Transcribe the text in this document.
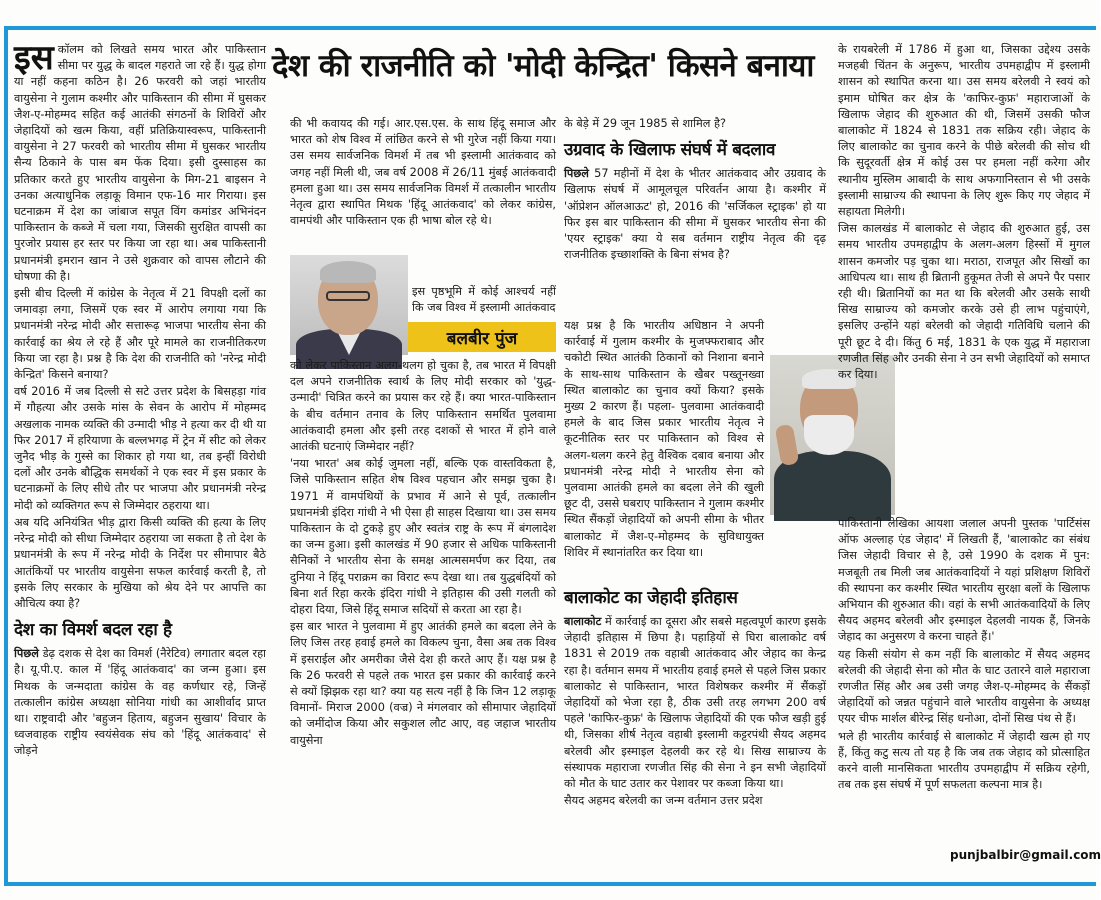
इस कॉलम को लिखते समय भारत और पाकिस्तान सीमा पर युद्ध के बादल गहराते जा रहे हैं। युद्ध होगा या नहीं कहना कठिन है। 26 फरवरी को जहां भारतीय वायुसेना ने गुलाम कश्मीर और पाकिस्तान की सीमा में घुसकर जैश-ए-मोहम्मद सहित कई आतंकी संगठनों के शिविरों और जेहादियों को खत्म किया, वहीं प्रतिक्रियास्वरूप, पाकिस्तानी वायुसेना ने 27 फरवरी को भारतीय सीमा में घुसकर भारतीय सैन्य ठिकाने के पास बम फेंक दिया। इसी दुस्साहस का प्रतिकार करते हुए भारतीय वायुसेना के मिग-21 बाइसन ने उनका अत्याधुनिक लड़ाकू विमान एफ-16 मार गिराया। इस घटनाक्रम में देश का जांबाज सपूत विंग कमांडर अभिनंदन पाकिस्तान के कब्जे में चला गया, जिसकी सुरक्षित वापसी का पुरजोर प्रयास हर स्तर पर किया जा रहा था। अब पाकिस्तानी प्रधानमंत्री इमरान खान ने उसे शुक्रवार को वापस लौटाने की घोषणा की है।

इसी बीच दिल्ली में कांग्रेस के नेतृत्व में 21 विपक्षी दलों का जमावड़ा लगा, जिसमें एक स्वर में आरोप लगाया गया कि प्रधानमंत्री नरेन्द्र मोदी और सत्तारूढ़ भाजपा भारतीय सेना की कार्रवाई का श्रेय ले रहे हैं और पूरे मामले का राजनीतिकरण किया जा रहा है। प्रश्न है कि देश की राजनीति को 'नरेन्द्र मोदी केन्द्रित' किसने बनाया?

वर्ष 2016 में जब दिल्ली से सटे उत्तर प्रदेश के बिसहड़ा गांव में गौहत्या और उसके मांस के सेवन के आरोप में मोहम्मद अखलाक नामक व्यक्ति की उन्मादी भीड़ ने हत्या कर दी थी या फिर 2017 में हरियाणा के बल्लभगढ़ में ट्रेन में सीट को लेकर जुनैद भीड़ के गुस्से का शिकार हो गया था, तब इन्हीं विरोधी दलों और उनके बौद्धिक समर्थकों ने एक स्वर में इस प्रकार के घटनाक्रमों के लिए सीधे तौर पर भाजपा और प्रधानमंत्री नरेन्द्र मोदी को व्यक्तिगत रूप से जिम्मेदार ठहराया था।

अब यदि अनियंत्रित भीड़ द्वारा किसी व्यक्ति की हत्या के लिए नरेन्द्र मोदी को सीधा जिम्मेदार ठहराया जा सकता है तो देश के प्रधानमंत्री के रूप में नरेन्द्र मोदी के निर्देश पर सीमापार बैठे आतंकियों पर भारतीय वायुसेना सफल कार्रवाई करती है, तो इसके लिए सरकार के मुखिया को श्रेय देने पर आपत्ति का औचित्य क्या है?

देश का विमर्श बदल रहा है

पिछले डेढ़ दशक से देश का विमर्श (नैरेटिव) लगातार बदल रहा है। यू.पी.ए. काल में 'हिंदू आतंकवाद' का जन्म हुआ। इस मिथक के जन्मदाता कांग्रेस के वह कर्णधार रहे, जिन्हें तत्कालीन कांग्रेस अध्यक्षा सोनिया गांधी का आशीर्वाद प्राप्त था। राष्ट्रवादी और 'बहुजन हिताय, बहुजन सुखाय' विचार के ध्वजवाहक राष्ट्रीय स्वयंसेवक संघ को 'हिंदू आतंकवाद' से जोड़ने

देश की राजनीति को 'मोदी केन्द्रित' किसने बनाया

की भी कवायद की गई। आर.एस.एस. के साथ हिंदू समाज और भारत को शेष विश्व में लांछित करने से भी गुरेज नहीं किया गया। उस समय सार्वजनिक विमर्श में तब भी इस्लामी आतंकवाद को जगह नहीं मिली थी, जब वर्ष 2008 में 26/11 मुंबई आतंकवादी हमला हुआ था। उस समय सार्वजनिक विमर्श में तत्कालीन भारतीय नेतृत्व द्वारा स्थापित मिथक 'हिंदू आतंकवाद' को लेकर कांग्रेस, वामपंथी और पाकिस्तान एक ही भाषा बोल रहे थे।

इस पृष्ठभूमि में कोई आश्चर्य नहीं कि जब विश्व में इस्लामी आतंकवाद

बलबीर पुंज

को लेकर पाकिस्तान अलग-थलग हो चुका है, तब भारत में विपक्षी दल अपने राजनीतिक स्वार्थ के लिए मोदी सरकार को 'युद्ध-उन्मादी' चित्रित करने का प्रयास कर रहे हैं। क्या भारत-पाकिस्तान के बीच वर्तमान तनाव के लिए पाकिस्तान समर्थित पुलवामा आतंकवादी हमला और इसी तरह दशकों से भारत में होने वाले आतंकी घटनाएं जिम्मेदार नहीं?

'नया भारत' अब कोई जुमला नहीं, बल्कि एक वास्तविकता है, जिसे पाकिस्तान सहित शेष विश्व पहचान और समझ चुका है। 1971 में वामपंथियों के प्रभाव में आने से पूर्व, तत्कालीन प्रधानमंत्री इंदिरा गांधी ने भी ऐसा ही साहस दिखाया था। उस समय पाकिस्तान के दो टुकड़े हुए और स्वतंत्र राष्ट्र के रूप में बंगलादेश का जन्म हुआ। इसी कालखंड में 90 हजार से अधिक पाकिस्तानी सैनिकों ने भारतीय सेना के समक्ष आत्मसमर्पण कर दिया, तब दुनिया ने हिंदू पराक्रम का विराट रूप देखा था। तब युद्धबंदियों को बिना शर्त रिहा करके इंदिरा गांधी ने इतिहास की उसी गलती को दोहरा दिया, जिसे हिंदू समाज सदियों से करता आ रहा है।

इस बार भारत ने पुलवामा में हुए आतंकी हमले का बदला लेने के लिए जिस तरह हवाई हमले का विकल्प चुना, वैसा अब तक विश्व में इसराईल और अमरीका जैसे देश ही करते आए हैं। यक्ष प्रश्न है कि 26 फरवरी से पहले तक भारत इस प्रकार की कार्रवाई करने से क्यों झिझक रहा था? क्या यह सत्य नहीं है कि जिन 12 लड़ाकू विमानों- मिराज 2000 (वज्र) ने मंगलवार को सीमापार जेहादियों को जमींदोज किया और सकुशल लौट आए, वह जहाज भारतीय वायुसेना

के बेड़े में 29 जून 1985 से शामिल है?

उग्रवाद के खिलाफ संघर्ष में बदलाव

पिछले 57 महीनों में देश के भीतर आतंकवाद और उग्रवाद के खिलाफ संघर्ष में आमूलचूल परिवर्तन आया है। कश्मीर में 'ऑप्रेशन ऑलआऊट' हो, 2016 की 'सर्जिकल स्ट्राइक' हो या फिर इस बार पाकिस्तान की सीमा में घुसकर भारतीय सेना की 'एयर स्ट्राइक' क्या ये सब वर्तमान राष्ट्रीय नेतृत्व की दृढ़ राजनीतिक इच्छाशक्ति के बिना संभव है?

यक्ष प्रश्न है कि भारतीय अधिष्ठान ने अपनी कार्रवाई में गुलाम कश्मीर के मुजफ्फराबाद और चकोटी स्थित आतंकी ठिकानों को निशाना बनाने के साथ-साथ पाकिस्तान के खैबर पख्तूनख्वा स्थित बालाकोट का चुनाव क्यों किया? इसके मुख्य 2 कारण हैं। पहला- पुलवामा आतंकवादी हमले के बाद जिस प्रकार भारतीय नेतृत्व ने कूटनीतिक स्तर पर पाकिस्तान को विश्व से अलग-थलग करने हेतु वैश्विक दबाव बनाया और प्रधानमंत्री नरेन्द्र मोदी ने भारतीय सेना को पुलवामा आतंकी हमले का बदला लेने की खुली छूट दी, उससे घबराए पाकिस्तान ने गुलाम कश्मीर स्थित सैंकड़ों जेहादियों को अपनी सीमा के भीतर बालाकोट में जैश-ए-मोहम्मद के सुविधायुक्त शिविर में स्थानांतरित कर दिया था।

बालाकोट का जेहादी इतिहास

बालाकोट में कार्रवाई का दूसरा और सबसे महत्वपूर्ण कारण इसके जेहादी इतिहास में छिपा है। पहाड़ियों से घिरा बालाकोट वर्ष 1831 से 2019 तक वहाबी आतंकवाद और जेहाद का केन्द्र रहा है। वर्तमान समय में भारतीय हवाई हमले से पहले जिस प्रकार बालाकोट से पाकिस्तान, भारत विशेषकर कश्मीर में सैंकड़ों जेहादियों को भेजा रहा है, ठीक उसी तरह लगभग 200 वर्ष पहले 'काफिर-कुफ्र' के खिलाफ जेहादियों की एक फौज खड़ी हुई थी, जिसका शीर्ष नेतृत्व वहाबी इस्लामी कट्टरपंथी सैयद अहमद बरेलवी और इस्माइल देहलवी कर रहे थे। सिख साम्राज्य के संस्थापक महाराजा रणजीत सिंह की सेना ने इन सभी जेहादियों को मौत के घाट उतार कर पेशावर पर कब्जा किया था।

सैयद अहमद बरेलवी का जन्म वर्तमान उत्तर प्रदेश

के रायबरेली में 1786 में हुआ था, जिसका उद्देश्य उसके मजहबी चिंतन के अनुरूप, भारतीय उपमहाद्वीप में इस्लामी शासन को स्थापित करना था। उस समय बरेलवी ने स्वयं को इमाम घोषित कर क्षेत्र के 'काफिर-कुफ्र' महाराजाओं के खिलाफ जेहाद की शुरुआत की थी, जिसमें उसकी फौज बालाकोट में 1824 से 1831 तक सक्रिय रही। जेहाद के लिए बालाकोट का चुनाव करने के पीछे बरेलवी की सोच थी कि सुदूरवर्ती क्षेत्र में कोई उस पर हमला नहीं करेगा और स्थानीय मुस्लिम आबादी के साथ अफगानिस्तान से भी उसके इस्लामी साम्राज्य की स्थापना के लिए शुरू किए गए जेहाद में सहायता मिलेगी।

जिस कालखंड में बालाकोट से जेहाद की शुरुआत हुई, उस समय भारतीय उपमहाद्वीप के अलग-अलग हिस्सों में मुगल शासन कमजोर पड़ चुका था। मराठा, राजपूत और सिखों का आधिपत्य था। साथ ही ब्रितानी हुकूमत तेजी से अपने पैर पसार रही थी। ब्रितानियों का मत था कि बरेलवी और उसके साथी सिख साम्राज्य को कमजोर करके उसे ही लाभ पहुंचाएंगे, इसलिए उन्होंने यहां बरेलवी को जेहादी गतिविधि चलाने की पूरी छूट दे दी। किंतु 6 मई, 1831 के एक युद्ध में महाराजा रणजीत सिंह और उनकी सेना ने उन सभी जेहादियों को समाप्त कर दिया।

पाकिस्तानी लेखिका आयशा जलाल अपनी पुस्तक 'पार्टिसंस ऑफ अल्लाह एंड जेहाद' में लिखती हैं, 'बालाकोट का संबंध जिस जेहादी विचार से है, उसे 1990 के दशक में पुन: मजबूती तब मिली जब आतंकवादियों ने यहां प्रशिक्षण शिविरों की स्थापना कर कश्मीर स्थित भारतीय सुरक्षा बलों के खिलाफ अभियान की शुरुआत की। वहां के सभी आतंकवादियों के लिए सैयद अहमद बरेलवी और इस्माइल देहलवी नायक हैं, जिनके जेहाद का अनुसरण वे करना चाहते हैं।'

यह किसी संयोग से कम नहीं कि बालाकोट में सैयद अहमद बरेलवी की जेहादी सेना को मौत के घाट उतारने वाले महाराजा रणजीत सिंह और अब उसी जगह जैश-ए-मोहम्मद के सैंकड़ों जेहादियों को जन्नत पहुंचाने वाले भारतीय वायुसेना के अध्यक्ष एयर चीफ मार्शल बीरेन्द्र सिंह धनोआ, दोनों सिख पंथ से हैं।

भले ही भारतीय कार्रवाई से बालाकोट में जेहादी खत्म हो गए हैं, किंतु कटु सत्य तो यह है कि जब तक जेहाद को प्रोत्साहित करने वाली मानसिकता भारतीय उपमहाद्वीप में सक्रिय रहेगी, तब तक इस संघर्ष में पूर्ण सफलता कल्पना मात्र है।

punjbalbir@gmail.com
